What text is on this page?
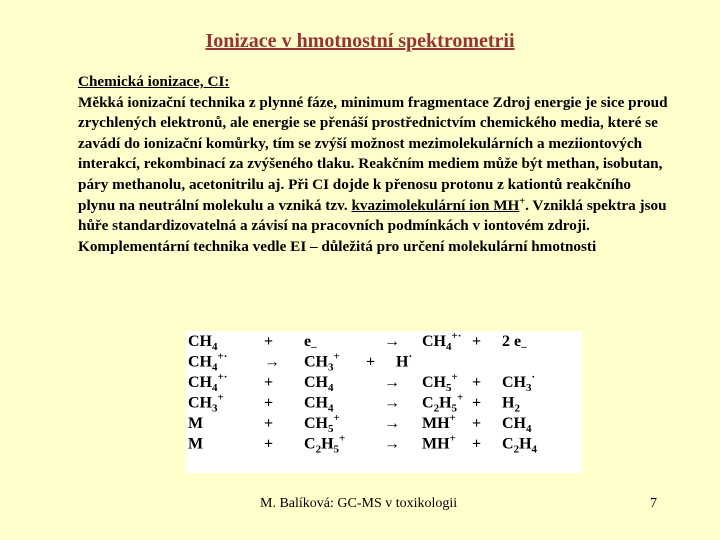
Ionizace v hmotnostní spektrometrii
Chemická ionizace, CI:
Měkká ionizační technika z plynné fáze, minimum fragmentace Zdroj energie je sice proud zrychlených elektronů, ale energie se přenáší prostřednictvím chemického media, které se zavádí do ionizační komůrky, tím se zvýší možnost mezimolekulárních a meziiontových interakcí, rekombinací za zvýšeného tlaku. Reakčním mediem může být methan, isobutan, páry methanolu, acetonitrilu aj. Při CI dojde k přenosu protonu z kationtů reakčního plynu na neutrální molekulu a vzniká tzv. kvazimolekulární ion MH+. Vzniklá spektra jsou hůře standardizovatelná a závisí na pracovních podmínkách v iontovém zdroji.
Komplementární technika vedle EI – důležitá pro určení molekulární hmotnosti
$CH_4$	+ $e_-$	→ $CH_4^{+\cdot} + 2$ $e_-$
$CH_4^{+\cdot} \to CH_3^+ + H^\cdot$
$CH_4^{+\cdot} + CH_4$	→ $CH_5^+ + CH_3^\cdot$
$CH_3^+$	+ $CH_4$	→ $C_2H_5^+ + H_2$
M	+ $CH_5^+$	→ $MH^+ + CH_4$
M	+ $C_2H_5^+ \to MH^+ + C_2H_4$
M. Balíková: GC-MS v toxikologii	7
